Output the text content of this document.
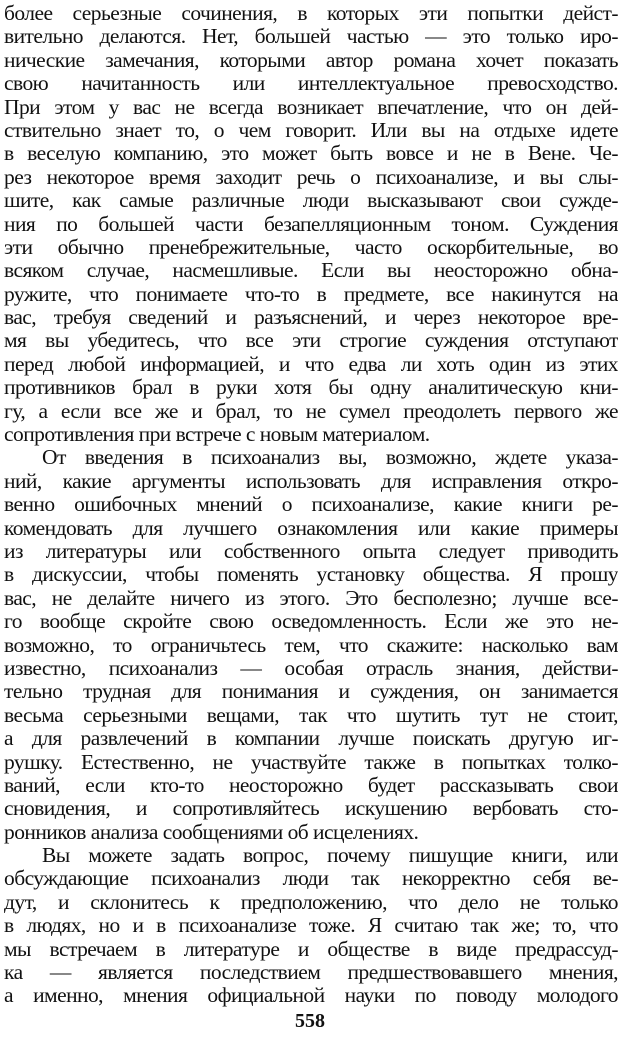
более серьезные сочинения, в которых эти попытки дейст-
вительно делаются. Нет, большей частью — это только иро-
нические замечания, которыми автор романа хочет показать
свою начитанность или интеллектуальное превосходство.
При этом у вас не всегда возникает впечатление, что он дей-
ствительно знает то, о чем говорит. Или вы на отдыхе идете
в веселую компанию, это может быть вовсе и не в Вене. Че-
рез некоторое время заходит речь о психоанализе, и вы слы-
шите, как самые различные люди высказывают свои сужде-
ния по большей части безапелляционным тоном. Суждения
эти обычно пренебрежительные, часто оскорбительные, во
всяком случае, насмешливые. Если вы неосторожно обна-
ружите, что понимаете что-то в предмете, все накинутся на
вас, требуя сведений и разъяснений, и через некоторое вре-
мя вы убедитесь, что все эти строгие суждения отступают
перед любой информацией, и что едва ли хоть один из этих
противников брал в руки хотя бы одну аналитическую кни-
гу, а если все же и брал, то не сумел преодолеть первого же
сопротивления при встрече с новым материалом.
От введения в психоанализ вы, возможно, ждете указа-
ний, какие аргументы использовать для исправления откро-
венно ошибочных мнений о психоанализе, какие книги ре-
комендовать для лучшего ознакомления или какие примеры
из литературы или собственного опыта следует приводить
в дискуссии, чтобы поменять установку общества. Я прошу
вас, не делайте ничего из этого. Это бесполезно; лучше все-
го вообще скройте свою осведомленность. Если же это не-
возможно, то ограничьтесь тем, что скажите: насколько вам
известно, психоанализ — особая отрасль знания, действи-
тельно трудная для понимания и суждения, он занимается
весьма серьезными вещами, так что шутить тут не стоит,
а для развлечений в компании лучше поискать другую иг-
рушку. Естественно, не участвуйте также в попытках толко-
ваний, если кто-то неосторожно будет рассказывать свои
сновидения, и сопротивляйтесь искушению вербовать сто-
ронников анализа сообщениями об исцелениях.
Вы можете задать вопрос, почему пишущие книги, или
обсуждающие психоанализ люди так некорректно себя ве-
дут, и склонитесь к предположению, что дело не только
в людях, но и в психоанализе тоже. Я считаю так же; то, что
мы встречаем в литературе и обществе в виде предрассуд-
ка — является последствием предшествовавшего мнения,
а именно, мнения официальной науки по поводу молодого
558
